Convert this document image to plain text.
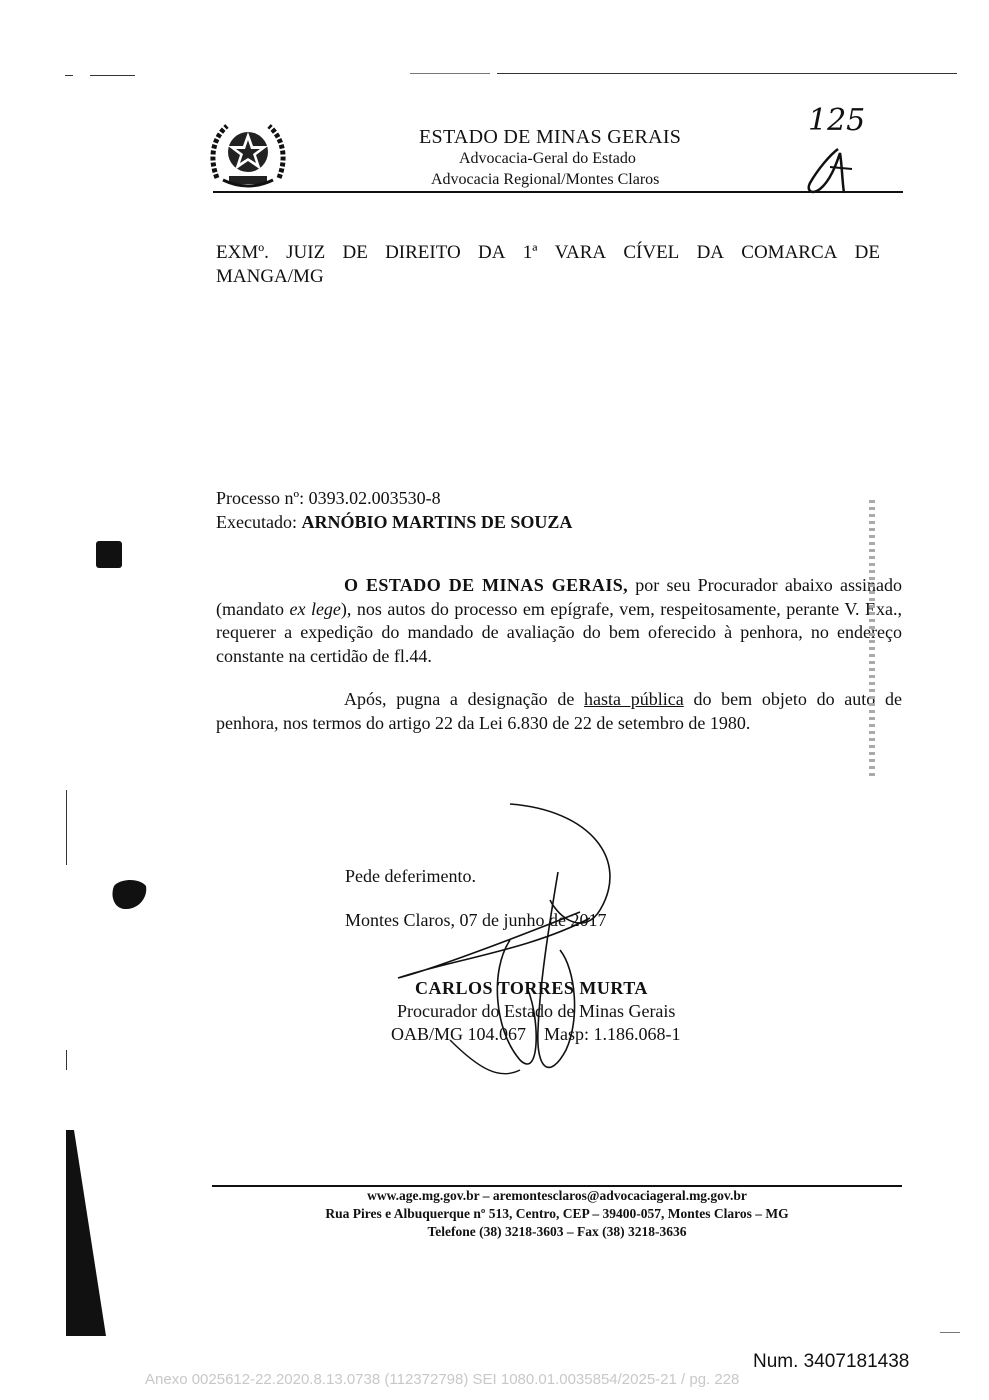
ESTADO DE MINAS GERAIS
Advocacia-Geral do Estado
Advocacia Regional/Montes Claros
125
EXMº. JUIZ DE DIREITO DA 1ª VARA CÍVEL DA COMARCA DE
MANGA/MG
Processo nº: 0393.02.003530-8
Executado: ARNÓBIO MARTINS DE SOUZA
O ESTADO DE MINAS GERAIS, por seu Procurador abaixo assinado (mandato ex lege), nos autos do processo em epígrafe, vem, respeitosamente, perante V. Exa., requerer a expedição do mandado de avaliação do bem oferecido à penhora, no endereço constante na certidão de fl.44.
Após, pugna a designação de hasta pública do bem objeto do auto de penhora, nos termos do artigo 22 da Lei 6.830 de 22 de setembro de 1980.
Pede deferimento.
Montes Claros, 07 de junho de 2017
CARLOS TORRES MURTA
Procurador do Estado de Minas Gerais
OAB/MG 104.067 Masp: 1.186.068-1
www.age.mg.gov.br – aremontesclaros@advocaciageral.mg.gov.br
Rua Pires e Albuquerque nº 513, Centro, CEP – 39400-057, Montes Claros – MG
Telefone (38) 3218-3603 – Fax (38) 3218-3636
Num. 3407181438
Anexo 0025612-22.2020.8.13.0738 (112372798) SEI 1080.01.0035854/2025-21 / pg. 228
